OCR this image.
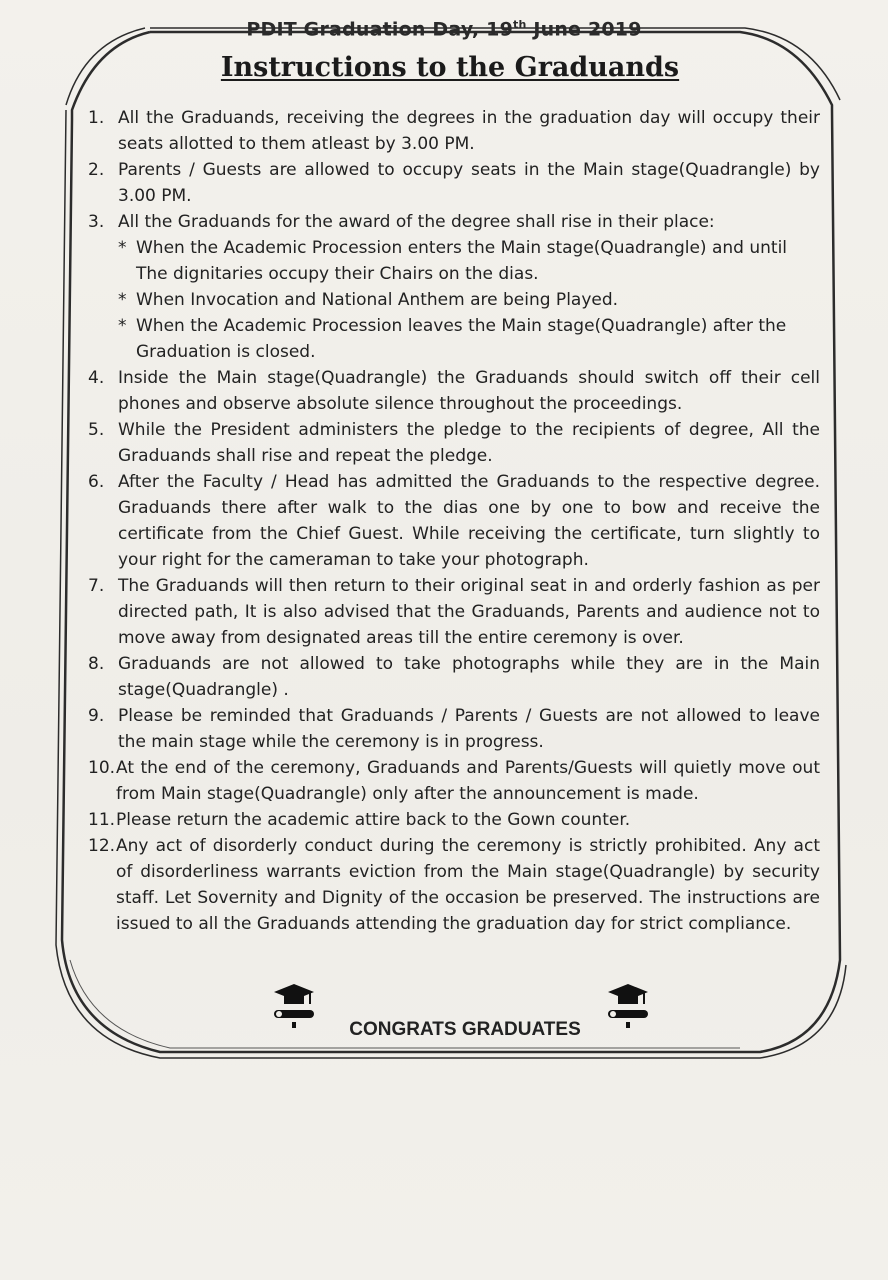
PDIT Graduation Day, 19th June 2019
Instructions to the Graduands
1. All the Graduands, receiving the degrees in the graduation day will occupy their seats allotted to them atleast by 3.00 PM.
2. Parents / Guests are allowed to occupy seats in the Main stage(Quadrangle) by 3.00 PM.
3. All the Graduands for the award of the degree shall rise in their place:
* When the Academic Procession enters the Main stage(Quadrangle) and until The dignitaries occupy their Chairs on the dias.
* When Invocation and National Anthem are being Played.
* When the Academic Procession leaves the Main stage(Quadrangle) after the Graduation is closed.
4. Inside the Main stage(Quadrangle) the Graduands should switch off their cell phones and observe absolute silence throughout the proceedings.
5. While the President administers the pledge to the recipients of degree, All the Graduands shall rise and repeat the pledge.
6. After the Faculty / Head has admitted the Graduands to the respective degree. Graduands there after walk to the dias one by one to bow and receive the certificate from the Chief Guest. While receiving the certificate, turn slightly to your right for the cameraman to take your photograph.
7. The Graduands will then return to their original seat in and orderly fashion as per directed path, It is also advised that the Graduands, Parents and audience not to move away from designated areas till the entire ceremony is over.
8. Graduands are not allowed to take photographs while they are in the Main stage(Quadrangle) .
9. Please be reminded that Graduands / Parents / Guests are not allowed to leave the main stage while the ceremony is in progress.
10. At the end of the ceremony, Graduands and Parents/Guests will quietly move out from Main stage(Quadrangle) only after the announcement is made.
11. Please return the academic attire back to the Gown counter.
12. Any act of disorderly conduct during the ceremony is strictly prohibited. Any act of disorderliness warrants eviction from the Main stage(Quadrangle) by security staff. Let Sovernity and Dignity of the occasion be preserved. The instructions are issued to all the Graduands attending the graduation day for strict compliance.
CONGRATS GRADUATES
